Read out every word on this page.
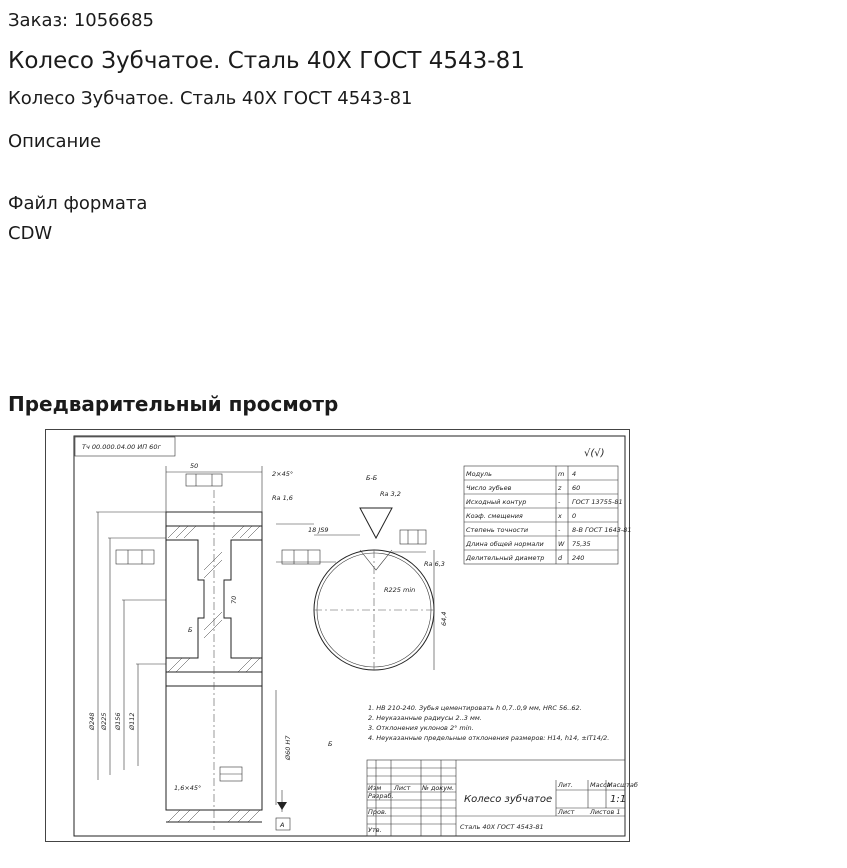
Заказ: 1056685
Колесо Зубчатое. Сталь 40Х ГОСТ 4543-81
Колесо Зубчатое. Сталь 40Х ГОСТ 4543-81
Описание
Файл формата
CDW
Предварительный просмотр
Тч 00.000.04.00 ИП 60г
√(√)
50
Ø248 Ø225 Ø156 Ø112
Ø60 H7
70
2×45°
1,6×45°
Б
Б
Ra 1,6
A
Б-Б
Ra 3,2
18 JS9
R225 min
64,4
Ra 6,3
Модуль	m 4
Число зубьев	z 60
Исходный контур	- ГОСТ 13755-81
Коэф. смещения	x 0
Степень точности	- 8-В ГОСТ 1643-81
Длина общей нормали W 75,35
Делительный диаметр d 240
1. HB 210-240. Зубья цементировать h 0,7..0,9 мм, HRC 56..62.
2. Неуказанные радиусы 2..3 мм.
3. Отклонения уклонов 2° min.
4. Неуказанные предельные отклонения размеров: H14, h14, ±IT14/2.
Изм Лист № докум.
Разраб.
Пров.
Утв.
Колесо зубчатое
Сталь 40Х ГОСТ 4543-81
Лит.	Масса
Масштаб
1:1
Лист Листов 1
